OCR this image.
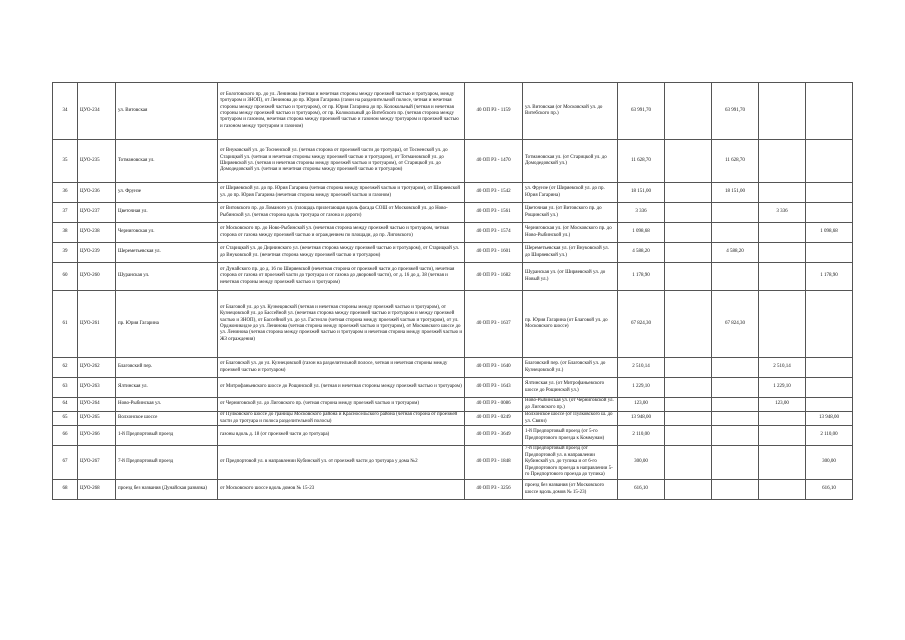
34	ЦУО-234	ул. Витовская	от Болотовского пр. до ул. Ленинова (четная и нечетная стороны между проезжей частью и тротуаром, между тротуаром и ЗНОП), от Ленинова до пр. Юрия Гагарина (газон на разделительной полосе, четная и нечетная стороны между проезжей частью и тротуаром), от пр. Юрия Гагарина до пр. Колокольный (четная и нечетная стороны между проезжей частью и тротуаром), от пр. Колокольный до Витебского пр. (четная сторона между тротуаром и газоном, нечетная сторона между проезжей частью и газоном между тротуаром и проезжей частью и газоном между тротуаром и газоном)	40 ОП РЗ - 1159	ул. Витовская (от Московской ул. до Витебского пр.)	63 991,70		63 991,70		
35	ЦУО-235	Тотмановская ул.	от Внуковской ул. до Тосненской ул. (четная сторона от проезжей части до тротуара), от Тосненской ул. до Старицкой ул. (четная и нечетная стороны между проезжей частью и тротуаром), от Тотмановской ул. до Ширяевской ул. (четная и нечетная стороны между проезжей частью и тротуаром), от Старицкой ул. до Домодедовской ул. (четная и нечетная стороны между проезжей частью и тротуаром)	40 ОП РЗ - 1470	Тотмановская ул. (от Старицкой ул. до Домодедовской ул.)	11 628,70		11 628,70		
36	ЦУО-236	ул. Фрунзе	от Ширяевской ул. до пр. Юрия Гагарина (четная сторона между проезжей частью и тротуаром), от Ширяевской ул. до пр. Юрия Гагарина (нечетная сторона между проезжей частью и газоном)	40 ОП РЗ - 1542	ул. Фрунзе (от Ширяевской ул. до пр. Юрия Гагарина)	18 151,00		18 151,00		
37	ЦУО-237	Цветочная ул.	от Витовского пр. до Ломаного ул. (площадь прилегающая вдоль фасада СОШ от Московской ул. до Ново-Рыбинской ул. (четная сторона вдоль тротуара от газона и дороги)	40 ОП РЗ - 1561	Цветочная ул. (от Витовского пр. до Рощинской ул.)	3 336			3 336	
38	ЦУО-238	Черниговская ул.	от Московского пр. до Ново-Рыбинской ул. (нечетная сторона между проезжей частью и тротуаром, четная сторона от газона между проезжей частью и ограждением по площади, до пр. Лиговского)	40 ОП РЗ - 1574	Черниговская ул. (от Московского пр. до Ново-Рыбинской ул.)	1 098,68				1 098,68
39	ЦУО-239	Шереметьевская ул.	от Старицкой ул. до Дирнинского ул. (нечетная сторона между проезжей частью и тротуаром), от Старицкой ул. до Внуковской ул. (нечетная сторона между проезжей частью и тротуаром)	40 ОП РЗ - 1601	Шереметьевская ул. (от Внуковской ул. до Ширяевской ул.)	4 588,20		4 588,20		
60	ЦУО-260	Шуранская ул.	от Дунайского пр. до д. 16 по Ширяевской (нечетная сторона от проезжей части до проезжей части), нечетная сторона от газона от проезжей части до тротуара и от газона до дворовой части), от д. 16 до д. 38 (четная и нечетная стороны между проезжей частью и тротуаром)	40 ОП РЗ - 1682	Шуранская ул. (от Ширяевской ул. до Новый ул.)	1 178,90				1 178,90
61	ЦУО-261	пр. Юрия Гагарина	от Благовой ул. до ул. Кузнецовской (четная и нечетная стороны между проезжей частью и тротуаром), от Кузнецовской ул. до Бассейной ул. (нечетная сторона между проезжей частью и тротуаром и между проезжей частью и ЗНОП), от Бассейной ул. до ул. Гастелло (четная сторона между проезжей частью и тротуаром), от ул. Орджоникидзе до ул. Ленинова (четная сторона между проезжей частью и тротуаром), от Московского шоссе до ул. Ленинова (четная сторона между проезжей частью и тротуаром и нечетная сторона между проезжей частью и ЖЗ ограждения)	40 ОП РЗ - 1637	пр. Юрия Гагарина (от Благовой ул. до Московского шоссе)	67 824,30		67 824,30		
62	ЦУО-262	Благовский пер.	от Благовской ул. до ул. Кузнецовской (газон на разделительной полосе, четная и нечетная стороны между проезжей частью и тротуаром)	40 ОП РЗ - 1640	Благовский пер. (от Благовской ул. до Кузнецовской ул.)	2 510,14			2 510,14	
63	ЦУО-263	Ялтинская ул.	от Митрофаньевского шоссе до Рощинской ул. (четная и нечетная стороны между проезжей частью и тротуаром)	40 ОП РЗ - 1643	Ялтинская ул. (от Митрофаньевского шоссе до Рощинской ул.)	1 229,10			1 229,10	
64	ЦУО-264	Ново-Рыбинская ул.	от Черниговской ул. до Лиговского пр. (четная сторона между проезжей частью и тротуаром)	40 ОП РЗ - 0086	Ново-Рыбинская ул. (от Черниговской ул. до Лиговского пр.)	123,00			123,00	
65	ЦУО-265	Волхонское шоссе	от Пулковского шоссе до границы Московского района и Красносельского района (четная сторона от проезжей части до тротуара и полоса разделительной полосы)	40 ОП РЗ - 0249	Волхонское шоссе (от Пулковского ш. до ул. Связи)	13 948,00				13 948,00
66	ЦУО-266	1-й Предпортовый проезд	газоны вдоль д. 18 (от проезжей части до тротуара)	40 ОП РЗ - 3649	1-й Предпортовый проезд (от 5-го Предпортового проезда к Коммунам)	2 110,00				2 110,00
67	ЦУО-267	7-й Предпортовый проезд	от Предпортовой ул. в направлении Кубинской ул. от проезжей части до тротуара у дома №2	40 ОП РЗ - 1848	7-й Предпортовый проезд (от Предпортовой ул. в направлении Кубинской ул. до тупика и от 6-го Предпортового проезда в направлении 5-го Предпортового проезда до тупика)	300,00				300,00
68	ЦУО-268	проезд без названия (Дунайская развязка)	от Московского шоссе вдоль домов № 15-23	40 ОП РЗ - 3256	проезд без названия (от Московского шоссе вдоль домов № 15-23)	616,10				616,10
